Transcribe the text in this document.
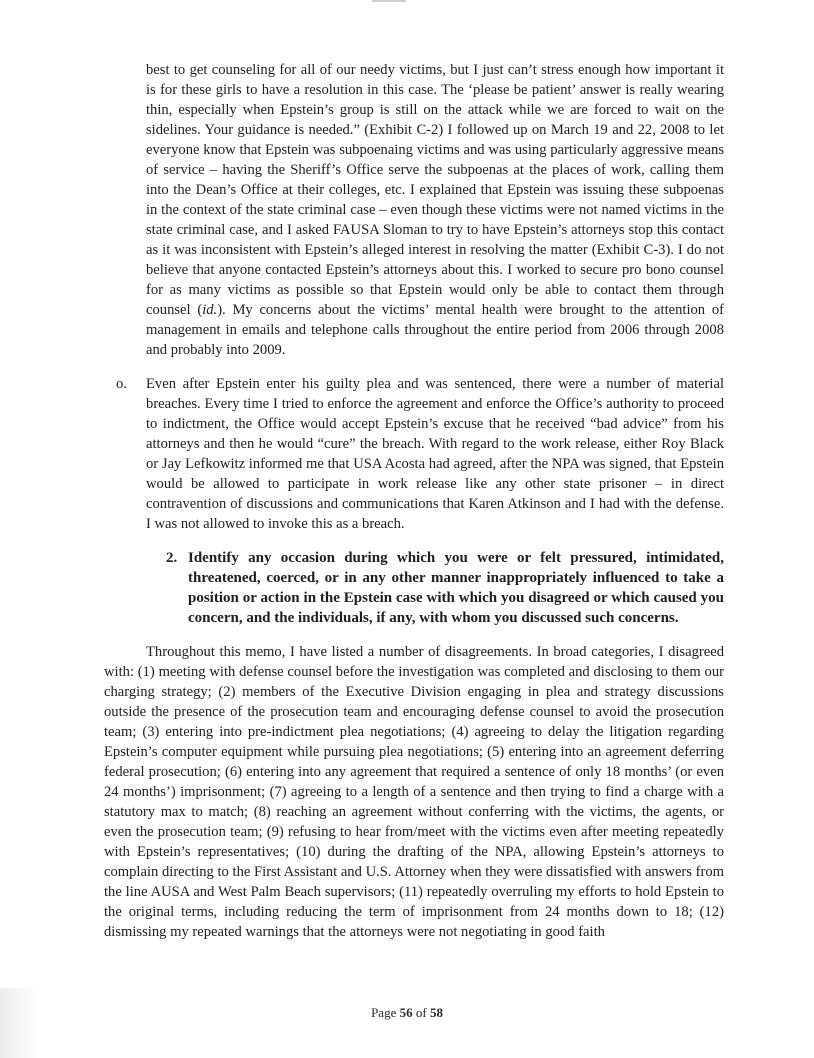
best to get counseling for all of our needy victims, but I just can’t stress enough how important it is for these girls to have a resolution in this case. The ‘please be patient’ answer is really wearing thin, especially when Epstein’s group is still on the attack while we are forced to wait on the sidelines. Your guidance is needed.” (Exhibit C-2) I followed up on March 19 and 22, 2008 to let everyone know that Epstein was subpoenaing victims and was using particularly aggressive means of service – having the Sheriff’s Office serve the subpoenas at the places of work, calling them into the Dean’s Office at their colleges, etc. I explained that Epstein was issuing these subpoenas in the context of the state criminal case – even though these victims were not named victims in the state criminal case, and I asked FAUSA Sloman to try to have Epstein’s attorneys stop this contact as it was inconsistent with Epstein’s alleged interest in resolving the matter (Exhibit C-3). I do not believe that anyone contacted Epstein’s attorneys about this. I worked to secure pro bono counsel for as many victims as possible so that Epstein would only be able to contact them through counsel (id.). My concerns about the victims’ mental health were brought to the attention of management in emails and telephone calls throughout the entire period from 2006 through 2008 and probably into 2009.
o. Even after Epstein enter his guilty plea and was sentenced, there were a number of material breaches. Every time I tried to enforce the agreement and enforce the Office’s authority to proceed to indictment, the Office would accept Epstein’s excuse that he received “bad advice” from his attorneys and then he would “cure” the breach. With regard to the work release, either Roy Black or Jay Lefkowitz informed me that USA Acosta had agreed, after the NPA was signed, that Epstein would be allowed to participate in work release like any other state prisoner – in direct contravention of discussions and communications that Karen Atkinson and I had with the defense. I was not allowed to invoke this as a breach.
2. Identify any occasion during which you were or felt pressured, intimidated, threatened, coerced, or in any other manner inappropriately influenced to take a position or action in the Epstein case with which you disagreed or which caused you concern, and the individuals, if any, with whom you discussed such concerns.
Throughout this memo, I have listed a number of disagreements. In broad categories, I disagreed with: (1) meeting with defense counsel before the investigation was completed and disclosing to them our charging strategy; (2) members of the Executive Division engaging in plea and strategy discussions outside the presence of the prosecution team and encouraging defense counsel to avoid the prosecution team; (3) entering into pre-indictment plea negotiations; (4) agreeing to delay the litigation regarding Epstein’s computer equipment while pursuing plea negotiations; (5) entering into an agreement deferring federal prosecution; (6) entering into any agreement that required a sentence of only 18 months’ (or even 24 months’) imprisonment; (7) agreeing to a length of a sentence and then trying to find a charge with a statutory max to match; (8) reaching an agreement without conferring with the victims, the agents, or even the prosecution team; (9) refusing to hear from/meet with the victims even after meeting repeatedly with Epstein’s representatives; (10) during the drafting of the NPA, allowing Epstein’s attorneys to complain directing to the First Assistant and U.S. Attorney when they were dissatisfied with answers from the line AUSA and West Palm Beach supervisors; (11) repeatedly overruling my efforts to hold Epstein to the original terms, including reducing the term of imprisonment from 24 months down to 18; (12) dismissing my repeated warnings that the attorneys were not negotiating in good faith
Page 56 of 58
